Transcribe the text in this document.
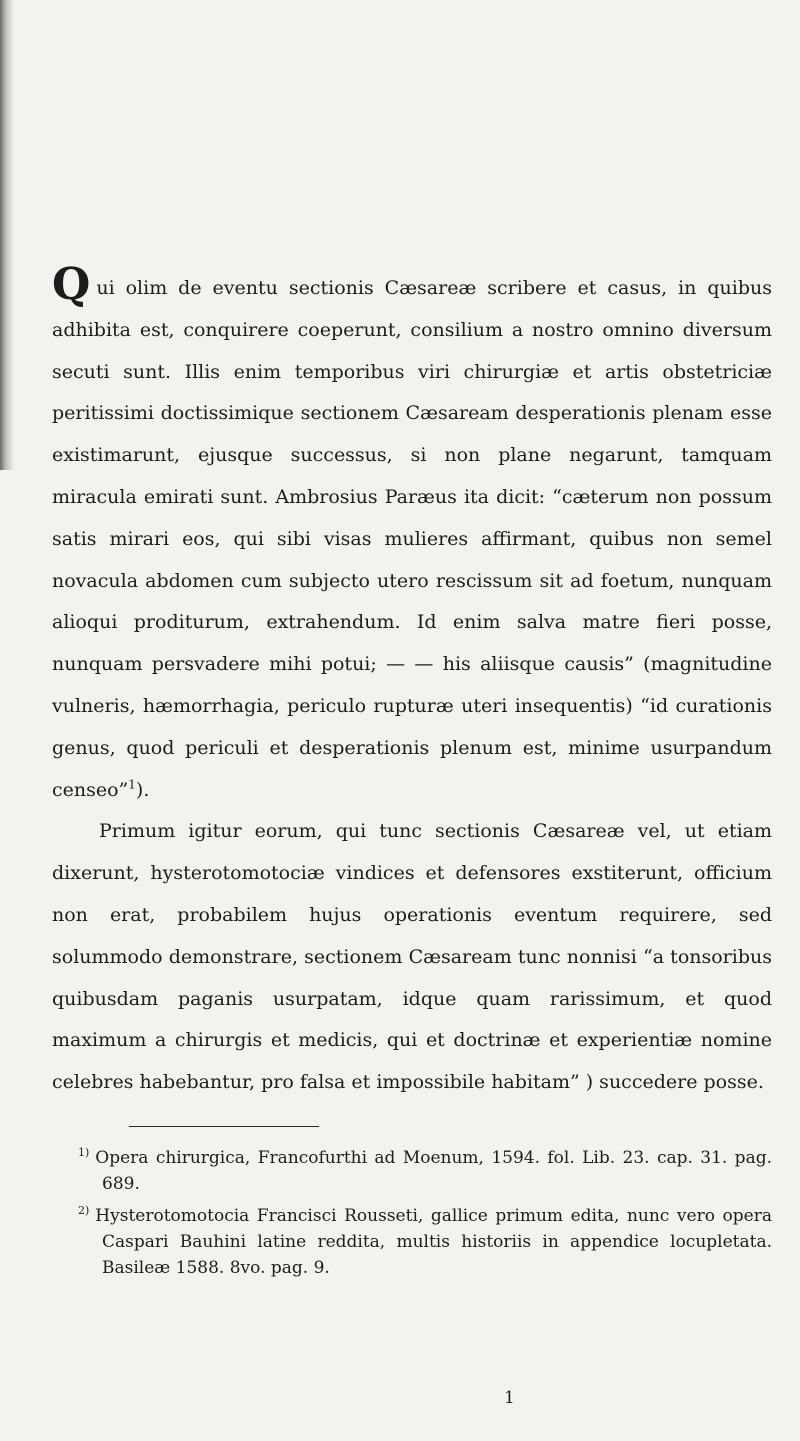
Qui olim de eventu sectionis Cæsareæ scribere et casus, in quibus adhibita est, conquirere coeperunt, consilium a nostro omnino diversum secuti sunt. Illis enim temporibus viri chirurgiæ et artis obstetriciæ peritissimi doctissimique sectionem Cæsaream desperationis plenam esse existimarunt, ejusque successus, si non plane negarunt, tamquam miracula emirati sunt. Ambrosius Paræus ita dicit: “cæterum non possum satis mirari eos, qui sibi visas mulieres affirmant, quibus non semel novacula abdomen cum subjecto utero rescissum sit ad foetum, nunquam alioqui proditurum, extrahendum. Id enim salva matre fieri posse, nunquam persvadere mihi potui; — — his aliisque causis” (magnitudine vulneris, hæmorrhagia, periculo rupturæ uteri insequentis) “id curationis genus, quod periculi et desperationis plenum est, minime usurpandum censeo”$^1$).

Primum igitur eorum, qui tunc sectionis Cæsareæ vel, ut etiam dixerunt, hysterotomotociæ vindices et defensores exstiterunt, officium non erat, probabilem hujus operationis eventum requirere, sed solummodo demonstrare, sectionem Cæsaream tunc nonnisi “a tonsoribus quibusdam paganis usurpatam, idque quam rarissimum, et quod maximum a chirurgis et medicis, qui et doctrinæ et experientiæ nomine celebres habebantur, pro falsa et impossibile habitam” ) succedere posse.

$^{1)}$ Opera chirurgica, Francofurthi ad Moenum, 1594. fol. Lib. 23. cap. 31. pag. 689.

$^{2)}$ Hysterotomotocia Francisci Rousseti, gallice primum edita, nunc vero opera Caspari Bauhini latine reddita, multis historiis in appendice locupletata. Basileæ 1588. 8vo. pag. 9.

1
